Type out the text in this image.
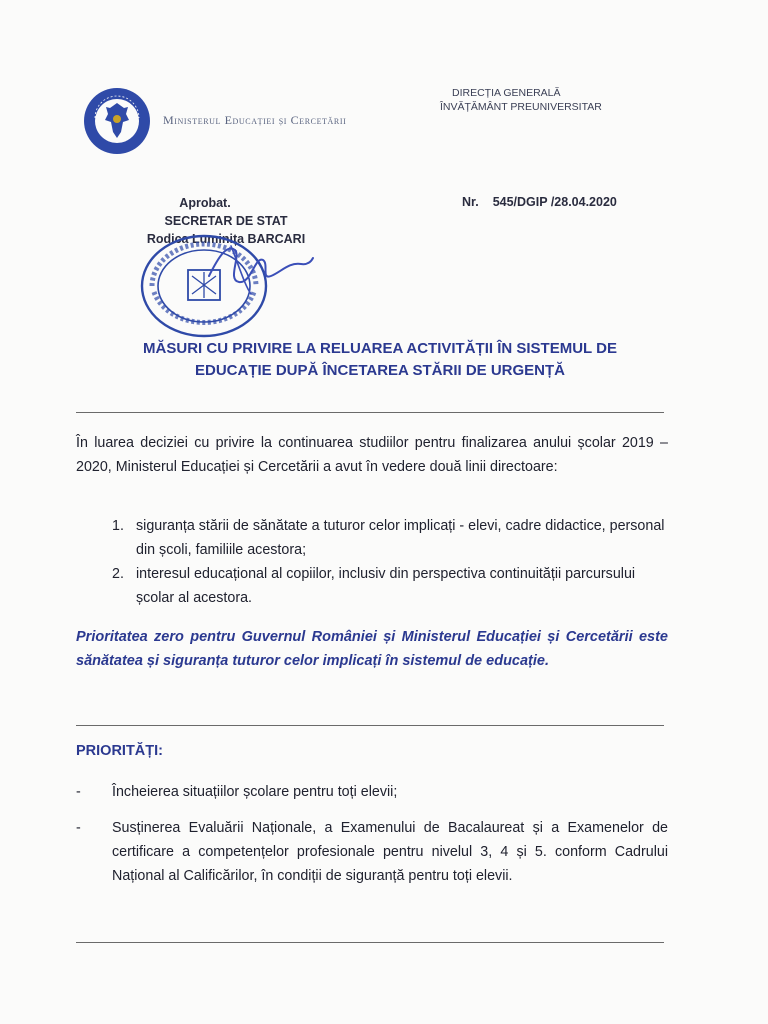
Ministerul Educației și Cercetării
DIRECȚIA GENERALĂ
ÎNVĂȚĂMÂNT PREUNIVERSITAR
Aprobat.
SECRETAR DE STAT
Rodica Luminița BARCARI
Nr. 545/DGIP /28.04.2020
MĂSURI CU PRIVIRE LA RELUAREA ACTIVITĂȚII ÎN SISTEMUL DE
EDUCAȚIE DUPĂ ÎNCETAREA STĂRII DE URGENȚĂ
În luarea deciziei cu privire la continuarea studiilor pentru finalizarea anului școlar 2019 – 2020, Ministerul Educației și Cercetării a avut în vedere două linii directoare:
1. siguranța stării de sănătate a tuturor celor implicați - elevi, cadre didactice, personal din școli, familiile acestora;
2. interesul educațional al copiilor, inclusiv din perspectiva continuității parcursului școlar al acestora.
Prioritatea zero pentru Guvernul României și Ministerul Educației și Cercetării este sănătatea și siguranța tuturor celor implicați în sistemul de educație.
PRIORITĂȚI:
- Încheierea situațiilor școlare pentru toți elevii;
- Susținerea Evaluării Naționale, a Examenului de Bacalaureat și a Examenelor de certificare a competențelor profesionale pentru nivelul 3, 4 și 5. conform Cadrului Național al Calificărilor, în condiții de siguranță pentru toți elevii.
